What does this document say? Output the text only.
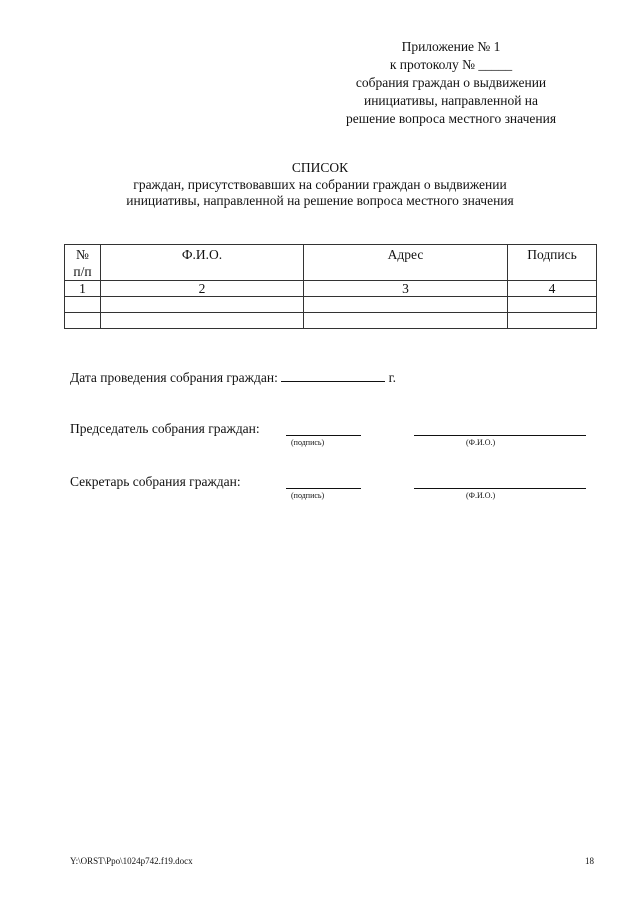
Приложение № 1
к протоколу № _____
собрания граждан о выдвижении
инициативы, направленной на
решение вопроса местного значения
СПИСОК
граждан, присутствовавших на собрании граждан о выдвижении
инициативы, направленной на решение вопроса местного значения
№
п/п	Ф.И.О.	Адрес	Подпись
1	2	3	4

Дата проведения собрания граждан:	г.
Председатель собрания граждан:
(подпись)	(Ф.И.О.)
Секретарь собрания граждан:
(подпись)	(Ф.И.О.)
Y:\ORST\Ppo\1024p742.f19.docx	18
